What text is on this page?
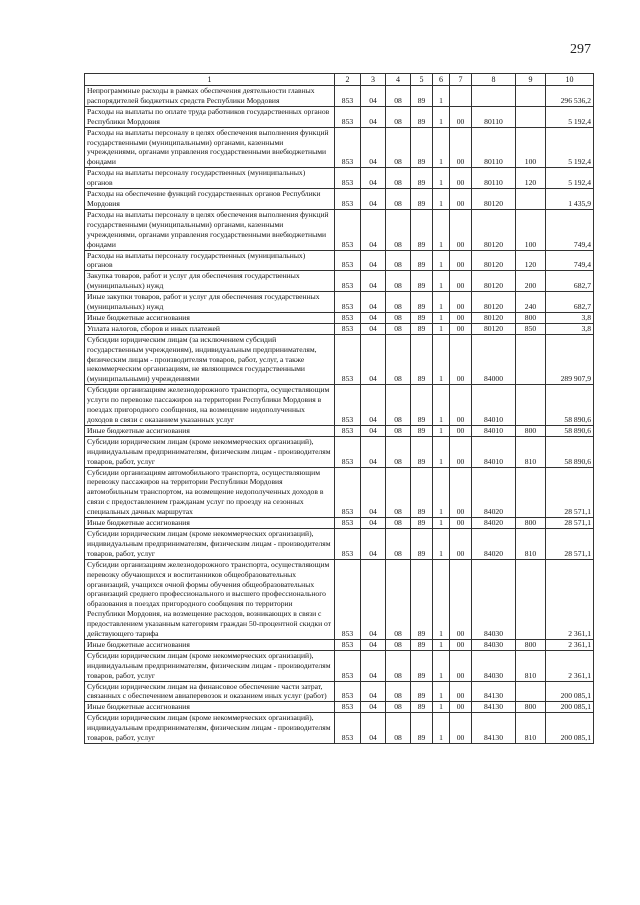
297
1	2	3	4	5	6	7	8	9	10
Непрограммные расходы в рамках обеспечения деятельности главных распорядителей бюджетных средств Республики Мордовия	853	04	08	89	1				296 536,2
Расходы на выплаты по оплате труда работников государственных органов Республики Мордовия	853	04	08	89	1	00	80110		5 192,4
Расходы на выплаты персоналу в целях обеспечения выполнения функций государственными (муниципальными) органами, казенными учреждениями, органами управления государственными внебюджетными фондами	853	04	08	89	1	00	80110	100	5 192,4
Расходы на выплаты персоналу государственных (муниципальных) органов	853	04	08	89	1	00	80110	120	5 192,4
Расходы на обеспечение функций государственных органов Республики Мордовия	853	04	08	89	1	00	80120		1 435,9
Расходы на выплаты персоналу в целях обеспечения выполнения функций государственными (муниципальными) органами, казенными учреждениями, органами управления государственными внебюджетными фондами	853	04	08	89	1	00	80120	100	749,4
Расходы на выплаты персоналу государственных (муниципальных) органов	853	04	08	89	1	00	80120	120	749,4
Закупка товаров, работ и услуг для обеспечения государственных (муниципальных) нужд	853	04	08	89	1	00	80120	200	682,7
Иные закупки товаров, работ и услуг для обеспечения государственных (муниципальных) нужд	853	04	08	89	1	00	80120	240	682,7
Иные бюджетные ассигнования	853	04	08	89	1	00	80120	800	3,8
Уплата налогов, сборов и иных платежей	853	04	08	89	1	00	80120	850	3,8
Субсидии юридическим лицам (за исключением субсидий государственным учреждениям), индивидуальным предпринимателям, физическим лицам - производителям товаров, работ, услуг, а также некоммерческим организациям, не являющимся государственными (муниципальными) учреждениями	853	04	08	89	1	00	84000		289 907,9
Субсидии организациям железнодорожного транспорта, осуществляющим услуги по перевозке пассажиров на территории Республики Мордовия в поездах пригородного сообщения, на возмещение недополученных доходов в связи с оказанием указанных услуг	853	04	08	89	1	00	84010		58 890,6
Иные бюджетные ассигнования	853	04	08	89	1	00	84010	800	58 890,6
Субсидии юридическим лицам (кроме некоммерческих организаций), индивидуальным предпринимателям, физическим лицам - производителям товаров, работ, услуг	853	04	08	89	1	00	84010	810	58 890,6
Субсидии организациям автомобильного транспорта, осуществляющим перевозку пассажиров на территории Республики Мордовия автомобильным транспортом, на возмещение недополученных доходов в связи с предоставлением гражданам услуг по проезду на сезонных специальных дачных маршрутах	853	04	08	89	1	00	84020		28 571,1
Иные бюджетные ассигнования	853	04	08	89	1	00	84020	800	28 571,1
Субсидии юридическим лицам (кроме некоммерческих организаций), индивидуальным предпринимателям, физическим лицам - производителям товаров, работ, услуг	853	04	08	89	1	00	84020	810	28 571,1
Субсидии организациям железнодорожного транспорта, осуществляющим перевозку обучающихся и воспитанников общеобразовательных организаций, учащихся очной формы обучения общеобразовательных организаций среднего профессионального и высшего профессионального образования в поездах пригородного сообщения по территории Республики Мордовия, на возмещение расходов, возникающих в связи с предоставлением указанным категориям граждан 50-процентной скидки от действующего тарифа	853	04	08	89	1	00	84030		2 361,1
Иные бюджетные ассигнования	853	04	08	89	1	00	84030	800	2 361,1
Субсидии юридическим лицам (кроме некоммерческих организаций), индивидуальным предпринимателям, физическим лицам - производителям товаров, работ, услуг	853	04	08	89	1	00	84030	810	2 361,1
Субсидии юридическим лицам на финансовое обеспечение части затрат, связанных с обеспечением авиаперевозок и оказанием иных услуг (работ)	853	04	08	89	1	00	84130		200 085,1
Иные бюджетные ассигнования	853	04	08	89	1	00	84130	800	200 085,1
Субсидии юридическим лицам (кроме некоммерческих организаций), индивидуальным предпринимателям, физическим лицам - производителям товаров, работ, услуг	853	04	08	89	1	00	84130	810	200 085,1
